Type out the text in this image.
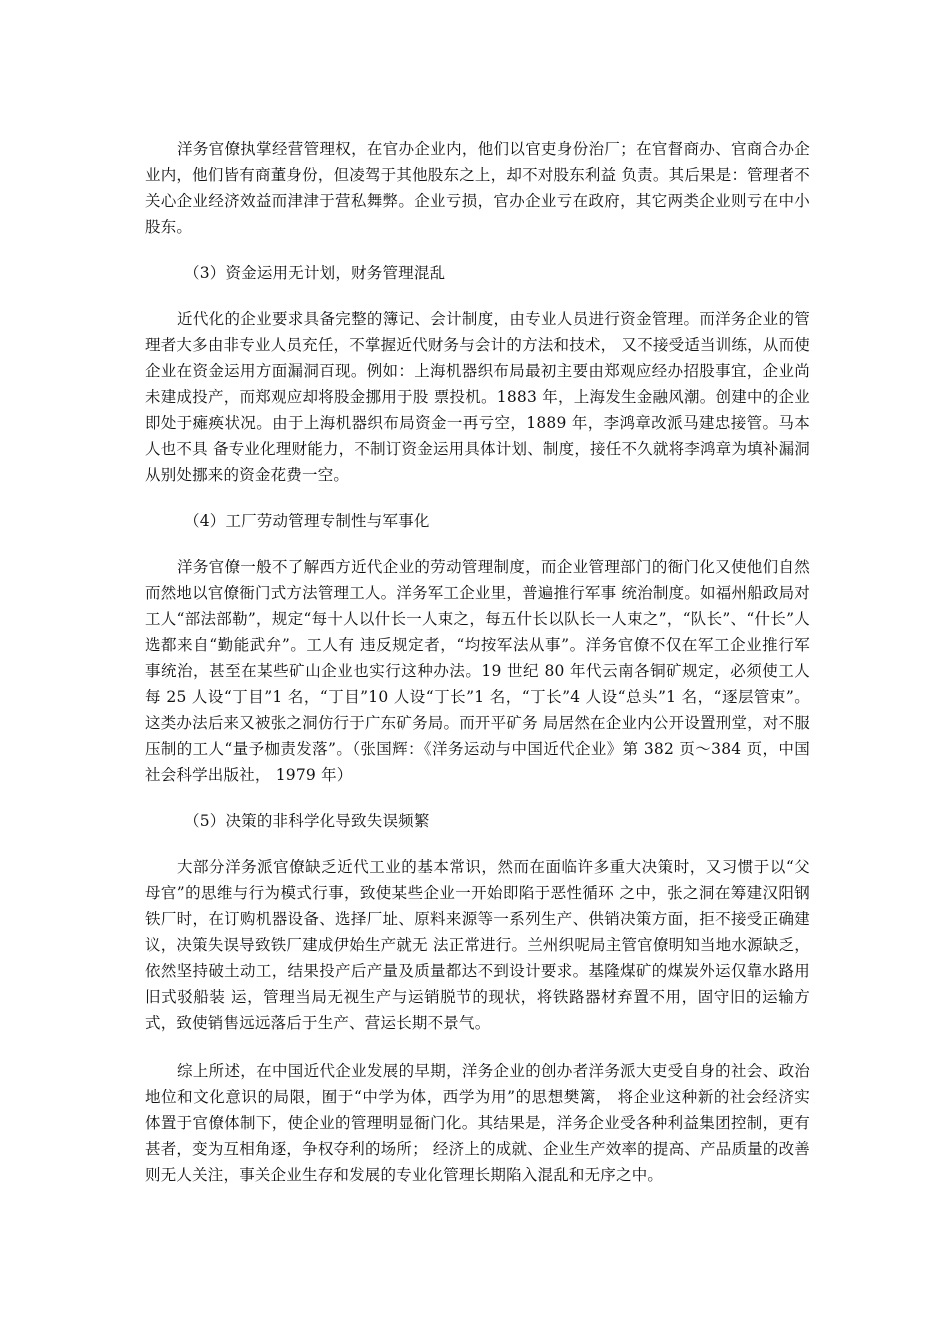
洋务官僚执掌经营管理权，在官办企业内，他们以官吏身份治厂；在官督商办、官商合办企业内，他们皆有商董身份，但凌驾于其他股东之上，却不对股东利益 负责。其后果是：管理者不关心企业经济效益而津津于营私舞弊。企业亏损，官办企业亏在政府，其它两类企业则亏在中小股东。

（3）资金运用无计划，财务管理混乱

近代化的企业要求具备完整的簿记、会计制度，由专业人员进行资金管理。而洋务企业的管理者大多由非专业人员充任，不掌握近代财务与会计的方法和技术， 又不接受适当训练，从而使企业在资金运用方面漏洞百现。例如：上海机器织布局最初主要由郑观应经办招股事宜，企业尚未建成投产，而郑观应却将股金挪用于股 票投机。1883 年，上海发生金融风潮。创建中的企业即处于瘫痪状况。由于上海机器织布局资金一再亏空，1889 年，李鸿章改派马建忠接管。马本人也不具 备专业化理财能力，不制订资金运用具体计划、制度，接任不久就将李鸿章为填补漏洞从别处挪来的资金花费一空。

（4）工厂劳动管理专制性与军事化

洋务官僚一般不了解西方近代企业的劳动管理制度，而企业管理部门的衙门化又使他们自然而然地以官僚衙门式方法管理工人。洋务军工企业里，普遍推行军事 统治制度。如福州船政局对工人“部法部勒”，规定“每十人以什长一人束之，每五什长以队长一人束之”，“队长”、“什长”人选都来自“勤能武弁”。工人有 违反规定者，“均按军法从事”。洋务官僚不仅在军工企业推行军事统治，甚至在某些矿山企业也实行这种办法。19 世纪 80 年代云南各铜矿规定，必须使工人每 25 人设“丁目”1 名，“丁目”10 人设“丁长”1 名，“丁长”4 人设“总头”1 名，“逐层管束”。这类办法后来又被张之洞仿行于广东矿务局。而开平矿务 局居然在企业内公开设置刑堂，对不服压制的工人“量予枷责发落”。（张国辉：《洋务运动与中国近代企业》第 382 页～384 页，中国社会科学出版社， 1979 年）

（5）决策的非科学化导致失误频繁

大部分洋务派官僚缺乏近代工业的基本常识，然而在面临许多重大决策时，又习惯于以“父母官”的思维与行为模式行事，致使某些企业一开始即陷于恶性循环 之中，张之洞在筹建汉阳钢铁厂时，在订购机器设备、选择厂址、原料来源等一系列生产、供销决策方面，拒不接受正确建议，决策失误导致铁厂建成伊始生产就无 法正常进行。兰州织呢局主管官僚明知当地水源缺乏，依然坚持破土动工，结果投产后产量及质量都达不到设计要求。基隆煤矿的煤炭外运仅靠水路用旧式驳船装 运，管理当局无视生产与运销脱节的现状，将铁路器材弃置不用，固守旧的运输方式，致使销售远远落后于生产、营运长期不景气。

综上所述，在中国近代企业发展的早期，洋务企业的创办者洋务派大吏受自身的社会、政治地位和文化意识的局限，囿于“中学为体，西学为用”的思想樊篱， 将企业这种新的社会经济实体置于官僚体制下，使企业的管理明显衙门化。其结果是，洋务企业受各种利益集团控制，更有甚者，变为互相角逐，争权夺利的场所； 经济上的成就、企业生产效率的提高、产品质量的改善则无人关注，事关企业生存和发展的专业化管理长期陷入混乱和无序之中。
